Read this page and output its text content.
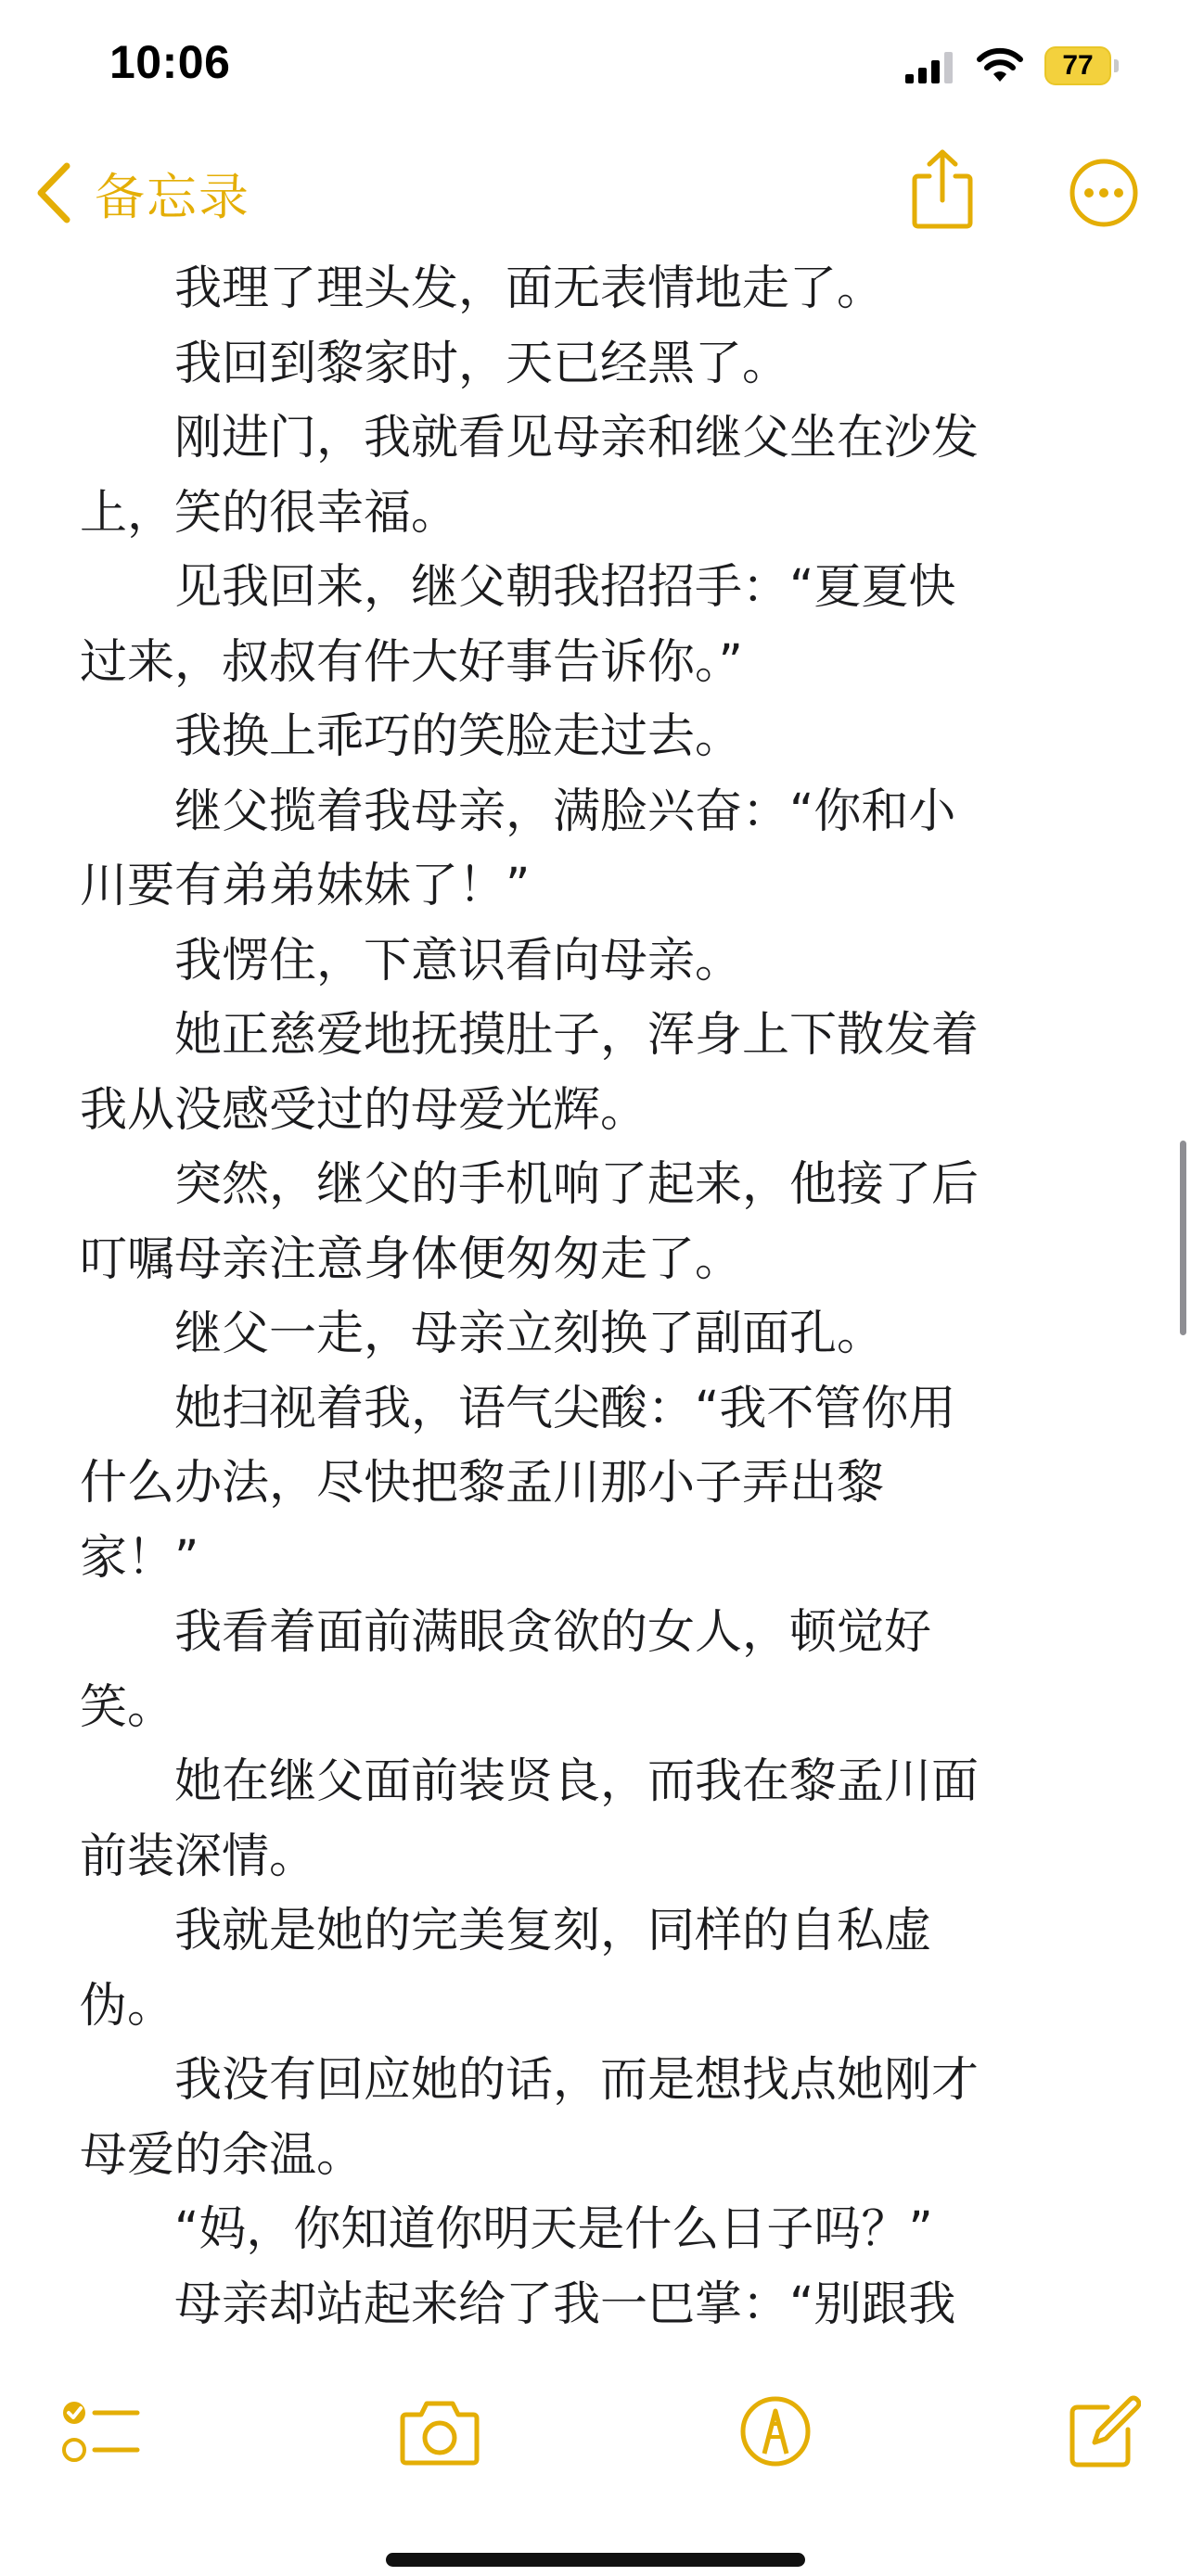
10:06	77
备忘录
　　我理了理头发，面无表情地走了。
　　我回到黎家时，天已经黑了。
　　刚进门，我就看见母亲和继父坐在沙发
上，笑的很幸福。
　　见我回来，继父朝我招招手：“夏夏快
过来，叔叔有件大好事告诉你。”
　　我换上乖巧的笑脸走过去。
　　继父揽着我母亲，满脸兴奋：“你和小
川要有弟弟妹妹了！”
　　我愣住，下意识看向母亲。
　　她正慈爱地抚摸肚子，浑身上下散发着
我从没感受过的母爱光辉。
　　突然，继父的手机响了起来，他接了后
叮嘱母亲注意身体便匆匆走了。
　　继父一走，母亲立刻换了副面孔。
　　她扫视着我，语气尖酸：“我不管你用
什么办法，尽快把黎孟川那小子弄出黎
家！”
　　我看着面前满眼贪欲的女人，顿觉好
笑。
　　她在继父面前装贤良，而我在黎孟川面
前装深情。
　　我就是她的完美复刻，同样的自私虚
伪。
　　我没有回应她的话，而是想找点她刚才
母爱的余温。
　　“妈，你知道你明天是什么日子吗？”
　　母亲却站起来给了我一巴掌：“别跟我
